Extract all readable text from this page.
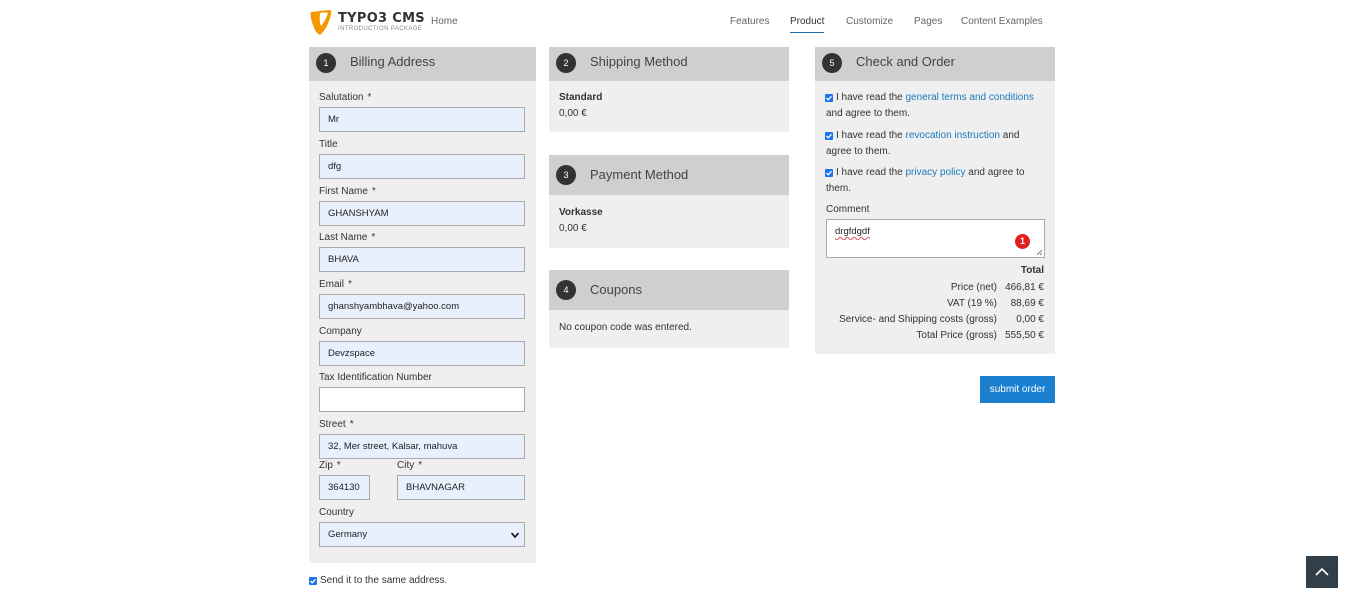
TYPO3 CMS
INTRODUCTION PACKAGE
Home	Features Product Customize Pages Content Examples
1	Billing Address
Salutation *
Mr
Title
dfg
First Name *
GHANSHYAM
Last Name *
BHAVA
Email *
ghanshyambhava@yahoo.com
Company
Devzspace
Tax Identification Number
Street *
32, Mer street, Kalsar, mahuva
Zip *
364130
City *
BHAVNAGAR
Country
Germany
Send it to the same address.
2	Shipping Method
Standard
0,00 €
3	Payment Method
Vorkasse
0,00 €
4	Coupons
No coupon code was entered.
5	Check and Order
I have read the general terms and conditions and agree to them.
I have read the revocation instruction and agree to them.
I have read the privacy policy and agree to them.
Comment
drgfdgdf
1
Total
Price (net) 466,81 €
VAT (19 %) 88,69 €
Service- and Shipping costs (gross) 0,00 €
Total Price (gross) 555,50 €
submit order
